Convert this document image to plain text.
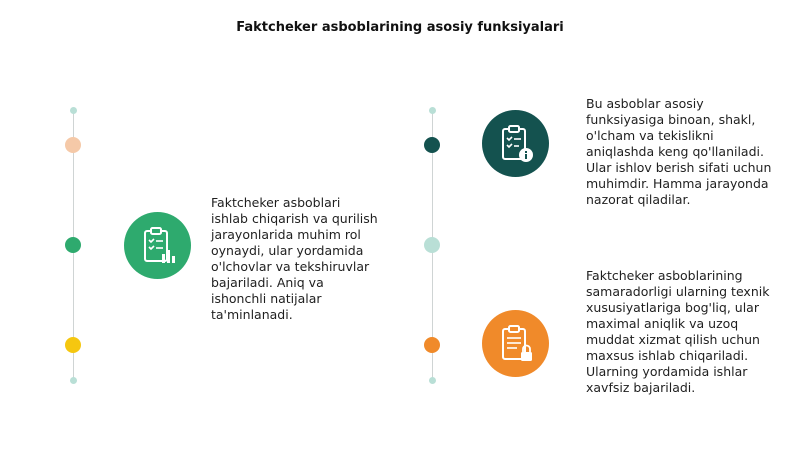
Faktcheker asboblarining asosiy funksiyalari
Faktcheker asboblari ishlab chiqarish va qurilish jarayonlarida muhim rol oynaydi, ular yordamida o'lchovlar va tekshiruvlar bajariladi. Aniq va ishonchli natijalar ta'minlanadi.
Bu asboblar asosiy funksiyasiga binoan, shakl, o'lcham va tekislikni aniqlashda keng qo'llaniladi. Ular ishlov berish sifati uchun muhimdir. Hamma jarayonda nazorat qiladilar.
Faktcheker asboblarining samaradorligi ularning texnik xususiyatlariga bog'liq, ular maximal aniqlik va uzoq muddat xizmat qilish uchun maxsus ishlab chiqariladi. Ularning yordamida ishlar xavfsiz bajariladi.
